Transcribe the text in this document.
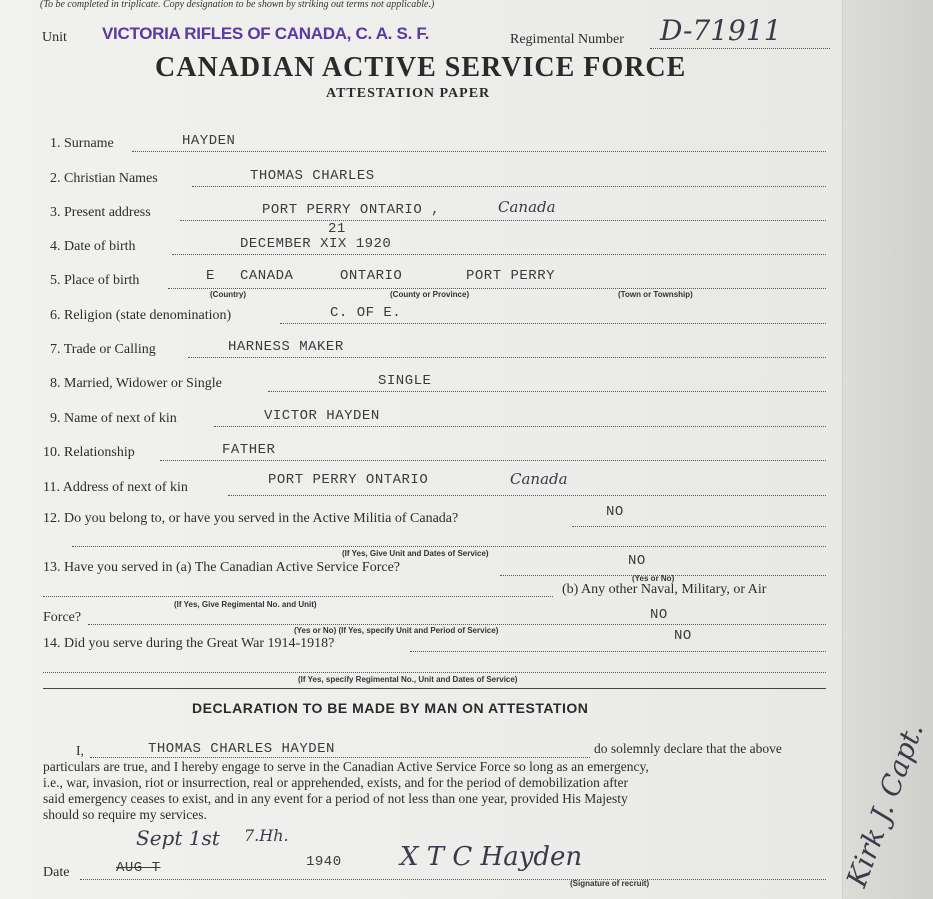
(To be completed in triplicate. Copy designation to be shown by striking out terms not applicable.)
Unit VICTORIA RIFLES OF CANADA, C. A. S. F.	Regimental Number D-71911
CANADIAN ACTIVE SERVICE FORCE
ATTESTATION PAPER
1. Surname	HAYDEN
2. Christian Names	THOMAS CHARLES
3. Present address	PORT PERRY ONTARIO ,	Canada
21
4. Date of birth	DECEMBER XIX 1920
5. Place of birth	E CANADA	ONTARIO	PORT PERRY
(Country)	(County or Province)	(Town or Township)
6. Religion (state denomination)	C. OF E.
7. Trade or Calling	HARNESS MAKER
8. Married, Widower or Single	SINGLE
9. Name of next of kin	VICTOR HAYDEN
10. Relationship	FATHER
11. Address of next of kin	PORT PERRY ONTARIO	Canada
12. Do you belong to, or have you served in the Active Militia of Canada?	NO
(If Yes, Give Unit and Dates of Service)
13. Have you served in (a) The Canadian Active Service Force?	NO
(Yes or No)
(b) Any other Naval, Military, or Air
(If Yes, Give Regimental No. and Unit)
Force?	NO
(Yes or No) (If Yes, specify Unit and Period of Service)
14. Did you serve during the Great War 1914-1918?	NO
(If Yes, specify Regimental No., Unit and Dates of Service)
DECLARATION TO BE MADE BY MAN ON ATTESTATION
I,	THOMAS CHARLES HAYDEN	do solemnly declare that the above
particulars are true, and I hereby engage to serve in the Canadian Active Service Force so long as an emergency,
i.e., war, invasion, riot or insurrection, real or apprehended, exists, and for the period of demobilization after
said emergency ceases to exist, and in any event for a period of not less than one year, provided His Majesty
should so require my services.
Sept 1st 7.Hh.
Date	AUG T	1940 X T C Hayden
(Signature of recruit)	Kirk J. Capt.
